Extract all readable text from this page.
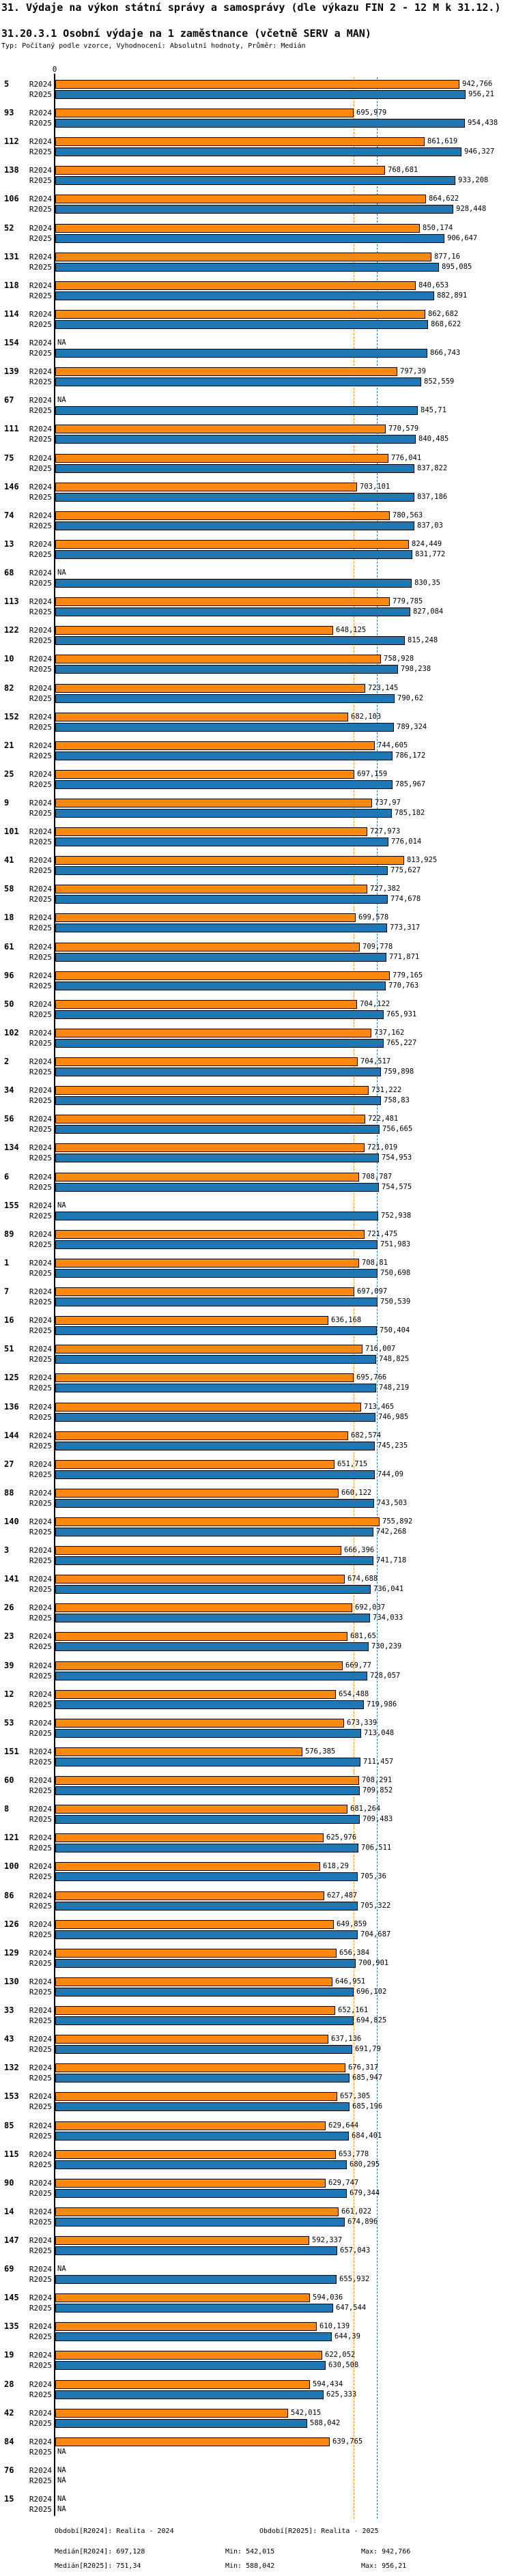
31. Výdaje na výkon státní správy a samosprávy (dle výkazu FIN 2 - 12 M k 31.12.)
31.20.3.1 Osobní výdaje na 1 zaměstnance (včetně SERV a MAN)
Typ: Počítaný podle vzorce, Vyhodnocení: Absolutní hodnoty, Průměr: Medián
0
5	R2024	942,766
R2025	956,21
93	R2024	695,979
R2025	954,438
112	R2024	861,619
R2025	946,327
138	R2024	768,681
R2025	933,208
106	R2024	864,622
R2025	928,448
52	R2024	850,174
R2025	906,647
131	R2024	877,16
R2025	895,085
118	R2024	840,653
R2025	882,891
114	R2024	862,682
R2025	868,622
154	R2024 NA
R2025	866,743
139	R2024	797,39
R2025	852,559
67	R2024 NA
R2025	845,71
111	R2024	770,579
R2025	840,485
75	R2024	776,041
R2025	837,822
146	R2024	703,101
R2025	837,186
74	R2024	780,563
R2025	837,03
13	R2024	824,449
R2025	831,772
68	R2024 NA
R2025	830,35
113	R2024	779,785
R2025	827,084
122	R2024	648,125
R2025	815,248
10	R2024	758,928
R2025	798,238
82	R2024	723,145
R2025	790,62
152	R2024	682,103
R2025	789,324
21	R2024	744,605
R2025	786,172
25	R2024	697,159
R2025	785,967
9	R2024	737,97
R2025	785,182
101	R2024	727,973
R2025	776,014
41	R2024	813,925
R2025	775,627
58	R2024	727,382
R2025	774,678
18	R2024	699,578
R2025	773,317
61	R2024	709,778
R2025	771,871
96	R2024	779,165
R2025	770,763
50	R2024	704,122
R2025	765,931
102	R2024	737,162
R2025	765,227
2	R2024	704,517
R2025	759,898
34	R2024	731,222
R2025	758,83
56	R2024	722,481
R2025	756,665
134	R2024	721,019
R2025	754,953
6	R2024	708,787
R2025	754,575
155	R2024 NA
R2025	752,938
89	R2024	721,475
R2025	751,983
1	R2024	708,81
R2025	750,698
7	R2024	697,097
R2025	750,539
16	R2024	636,168
R2025	750,404
51	R2024	716,007
R2025	748,825
125	R2024	695,766
R2025	748,219
136	R2024	713,465
R2025	746,985
144	R2024	682,574
R2025	745,235
27	R2024	651,715
R2025	744,09
88	R2024	660,122
R2025	743,503
140	R2024	755,892
R2025	742,268
3	R2024	666,396
R2025	741,718
141	R2024	674,688
R2025	736,041
26	R2024	692,037
R2025	734,033
23	R2024	681,65
R2025	730,239
39	R2024	669,77
R2025	728,057
12	R2024	654,488
R2025	719,986
53	R2024	673,339
R2025	713,048
151	R2024	576,385
R2025	711,457
60	R2024	708,291
R2025	709,852
8	R2024	681,264
R2025	709,483
121	R2024	625,976
R2025	706,511
100	R2024	618,29
R2025	705,36
86	R2024	627,487
R2025	705,322
126	R2024	649,859
R2025	704,687
129	R2024	656,384
R2025	700,901
130	R2024	646,951
R2025	696,102
33	R2024	652,161
R2025	694,825
43	R2024	637,136
R2025	691,79
132	R2024	676,317
R2025	685,947
153	R2024	657,305
R2025	685,196
85	R2024	629,644
R2025	684,401
115	R2024	653,778
R2025	680,295
90	R2024	629,747
R2025	679,344
14	R2024	661,022
R2025	674,896
147	R2024	592,337
R2025	657,043
69	R2024 NA
R2025	655,932
145	R2024	594,036
R2025	647,544
135	R2024	610,139
R2025	644,39
19	R2024	622,052
R2025	630,508
28	R2024	594,434
R2025	625,333
42	R2024	542,015
R2025	588,042
84	R2024	639,765
R2025 NA
76	R2024 NA
R2025 NA
15	R2024 NA
R2025 NA
Období[R2024]: Realita - 2024	Období[R2025]: Realita - 2025
Medián[R2024]: 697,128	Min: 542,015	Max: 942,766
Medián[R2025]: 751,34	Min: 588,042	Max: 956,21
